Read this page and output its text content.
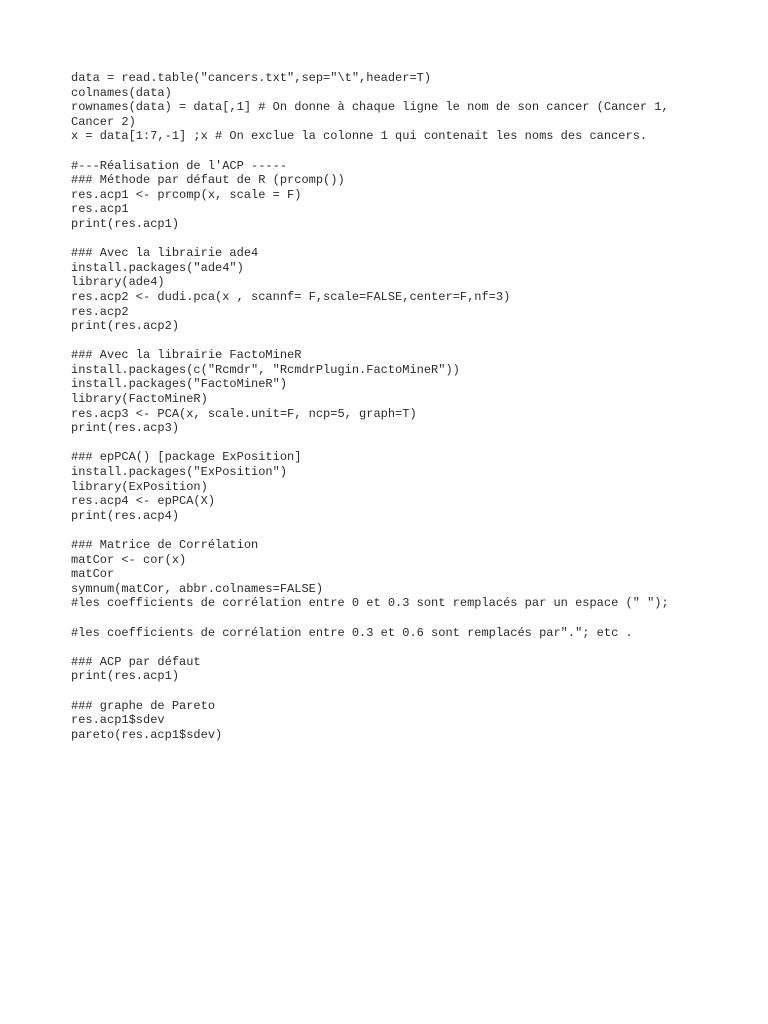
data = read.table("cancers.txt",sep="\t",header=T)
colnames(data)
rownames(data) = data[,1] # On donne à chaque ligne le nom de son cancer (Cancer 1,
Cancer 2)
x = data[1:7,-1] ;x # On exclue la colonne 1 qui contenait les noms des cancers.
#---Réalisation de l'ACP -----
### Méthode par défaut de R (prcomp())
res.acp1 <- prcomp(x, scale = F)
res.acp1
print(res.acp1)
### Avec la librairie ade4
install.packages("ade4")
library(ade4)
res.acp2 <- dudi.pca(x , scannf= F,scale=FALSE,center=F,nf=3)
res.acp2
print(res.acp2)
### Avec la librairie FactoMineR
install.packages(c("Rcmdr", "RcmdrPlugin.FactoMineR"))
install.packages("FactoMineR")
library(FactoMineR)
res.acp3 <- PCA(x, scale.unit=F, ncp=5, graph=T)
print(res.acp3)
### epPCA() [package ExPosition]
install.packages("ExPosition")
library(ExPosition)
res.acp4 <- epPCA(X)
print(res.acp4)
### Matrice de Corrélation
matCor <- cor(x)
matCor
symnum(matCor, abbr.colnames=FALSE)
#les coefficients de corrélation entre 0 et 0.3 sont remplacés par un espace (" ");
#les coefficients de corrélation entre 0.3 et 0.6 sont remplacés par"."; etc .
### ACP par défaut
print(res.acp1)
### graphe de Pareto
res.acp1$sdev
pareto(res.acp1$sdev)
